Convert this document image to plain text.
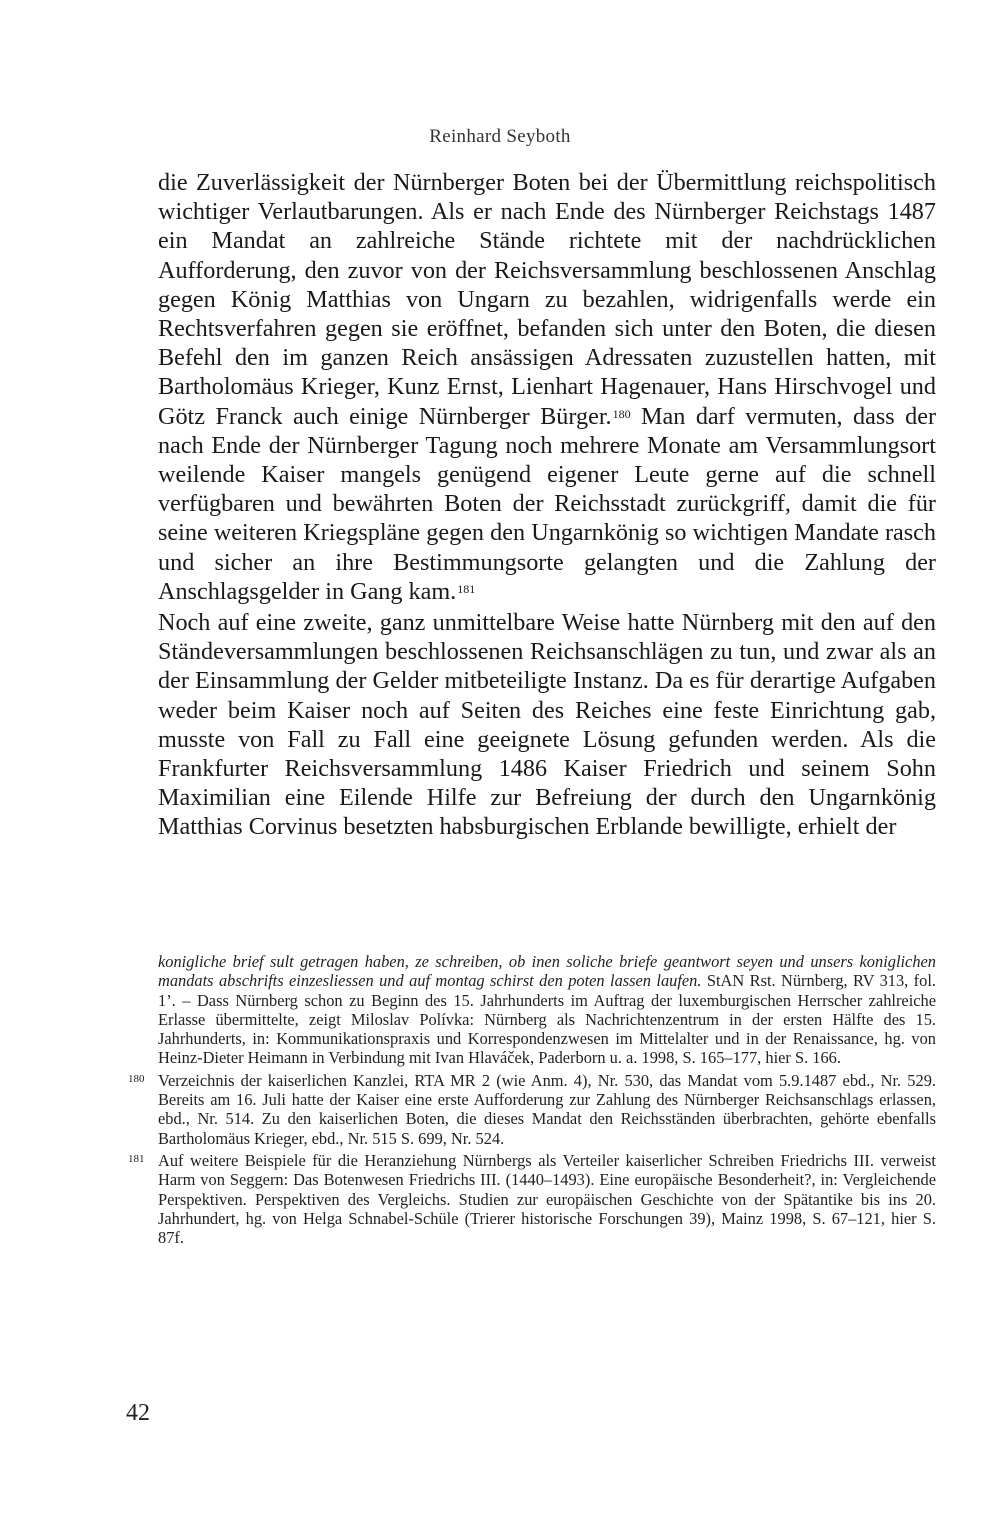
Reinhard Seyboth

die Zuverlässigkeit der Nürnberger Boten bei der Übermittlung reichspolitisch wichtiger Verlautbarungen. Als er nach Ende des Nürnberger Reichstags 1487 ein Mandat an zahlreiche Stände richtete mit der nachdrücklichen Aufforderung, den zuvor von der Reichsversammlung beschlossenen Anschlag gegen König Matthias von Ungarn zu bezahlen, widrigenfalls werde ein Rechtsverfahren gegen sie eröffnet, befanden sich unter den Boten, die diesen Befehl den im ganzen Reich ansässigen Adressaten zuzustellen hatten, mit Bartholomäus Krieger, Kunz Ernst, Lienhart Hagenauer, Hans Hirschvogel und Götz Franck auch einige Nürnberger Bürger.$^{180}$ Man darf vermuten, dass der nach Ende der Nürnberger Tagung noch mehrere Monate am Versammlungsort weilende Kaiser mangels genügend eigener Leute gerne auf die schnell verfügbaren und bewährten Boten der Reichsstadt zurückgriff, damit die für seine weiteren Kriegspläne gegen den Ungarnkönig so wichtigen Mandate rasch und sicher an ihre Bestimmungsorte gelangten und die Zahlung der Anschlagsgelder in Gang kam.$^{181}$

Noch auf eine zweite, ganz unmittelbare Weise hatte Nürnberg mit den auf den Ständeversammlungen beschlossenen Reichsanschlägen zu tun, und zwar als an der Einsammlung der Gelder mitbeteiligte Instanz. Da es für derartige Aufgaben weder beim Kaiser noch auf Seiten des Reiches eine feste Einrichtung gab, musste von Fall zu Fall eine geeignete Lösung gefunden werden. Als die Frankfurter Reichsversammlung 1486 Kaiser Friedrich und seinem Sohn Maximilian eine Eilende Hilfe zur Befreiung der durch den Ungarnkönig Matthias Corvinus besetzten habsburgischen Erblande bewilligte, erhielt der

konigliche brief sult getragen haben, ze schreiben, ob inen soliche briefe geantwort seyen und unsers koniglichen mandats abschrifts einzesliessen und auf montag schirst den poten lassen laufen. StAN Rst. Nürnberg, RV 313, fol. 1’. – Dass Nürnberg schon zu Beginn des 15. Jahrhunderts im Auftrag der luxemburgischen Herrscher zahlreiche Erlasse übermittelte, zeigt Miloslav Polívka: Nürnberg als Nachrichtenzentrum in der ersten Hälfte des 15. Jahrhunderts, in: Kommunikationspraxis und Korrespondenzwesen im Mittelalter und in der Renaissance, hg. von Heinz-Dieter Heimann in Verbindung mit Ivan Hlaváček, Paderborn u. a. 1998, S. 165–177, hier S. 166.

180 Verzeichnis der kaiserlichen Kanzlei, RTA MR 2 (wie Anm. 4), Nr. 530, das Mandat vom 5.9.1487 ebd., Nr. 529. Bereits am 16. Juli hatte der Kaiser eine erste Aufforderung zur Zahlung des Nürnberger Reichsanschlags erlassen, ebd., Nr. 514. Zu den kaiserlichen Boten, die dieses Mandat den Reichsständen überbrachten, gehörte ebenfalls Bartholomäus Krieger, ebd., Nr. 515 S. 699, Nr. 524.

181 Auf weitere Beispiele für die Heranziehung Nürnbergs als Verteiler kaiserlicher Schreiben Friedrichs III. verweist Harm von Seggern: Das Botenwesen Friedrichs III. (1440–1493). Eine europäische Besonderheit?, in: Vergleichende Perspektiven. Perspektiven des Vergleichs. Studien zur europäischen Geschichte von der Spätantike bis ins 20. Jahrhundert, hg. von Helga Schnabel-Schüle (Trierer historische Forschungen 39), Mainz 1998, S. 67–121, hier S. 87f.

42
